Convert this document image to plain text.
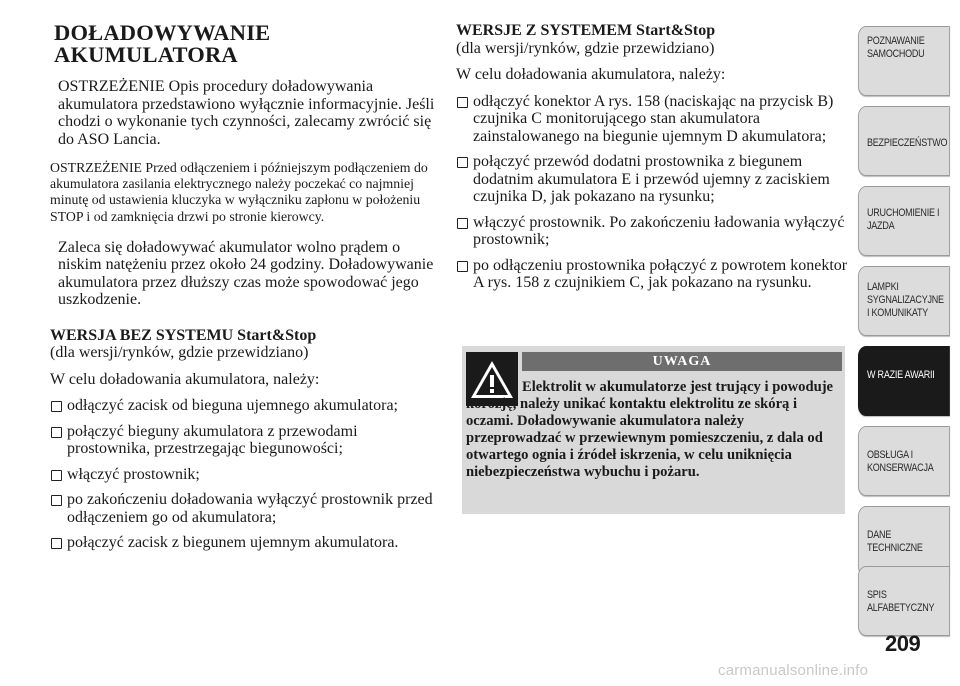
DOŁADOWYWANIE
AKUMULATORA

OSTRZEŻENIE Opis procedury doładowywania akumulatora przedstawiono wyłącznie informacyjnie. Jeśli chodzi o wykonanie tych czynności, zalecamy zwrócić się do ASO Lancia.

OSTRZEŻENIE Przed odłączeniem i późniejszym podłączeniem do akumulatora zasilania elektrycznego należy poczekać co najmniej minutę od ustawienia kluczyka w wyłączniku zapłonu w położeniu STOP i od zamknięcia drzwi po stronie kierowcy.

Zaleca się doładowywać akumulator wolno prądem o niskim natężeniu przez około 24 godziny. Doładowywanie akumulatora przez dłuższy czas może spowodować jego uszkodzenie.

WERSJA BEZ SYSTEMU Start&Stop
(dla wersji/rynków, gdzie przewidziano)
W celu doładowania akumulatora, należy:
odłączyć zacisk od bieguna ujemnego akumulatora;
połączyć bieguny akumulatora z przewodami prostownika, przestrzegając biegunowości;
włączyć prostownik;
po zakończeniu doładowania wyłączyć prostownik przed odłączeniem go od akumulatora;
połączyć zacisk z biegunem ujemnym akumulatora.
WERSJE Z SYSTEMEM Start&Stop
(dla wersji/rynków, gdzie przewidziano)
W celu doładowania akumulatora, należy:
odłączyć konektor A rys. 158 (naciskając na przycisk B) czujnika C monitorującego stan akumulatora zainstalowanego na biegunie ujemnym D akumulatora;
połączyć przewód dodatni prostownika z biegunem dodatnim akumulatora E i przewód ujemny z zaciskiem czujnika D, jak pokazano na rysunku;
włączyć prostownik. Po zakończeniu ładowania wyłączyć prostownik;
po odłączeniu prostownika połączyć z powrotem konektor A rys. 158 z czujnikiem C, jak pokazano na rysunku.
UWAGA
Elektrolit w akumulatorze jest trujący i powoduje korozję, należy unikać kontaktu elektrolitu ze skórą i oczami. Doładowywanie akumulatora należy przeprowadzać w przewiewnym pomieszczeniu, z dala od otwartego ognia i źródeł iskrzenia, w celu uniknięcia niebezpieczeństwa wybuchu i pożaru.
POZNAWANIE
SAMOCHODU
BEZPIECZEŃSTWO
URUCHOMIENIE I
JAZDA
LAMPKI
SYGNALIZACYJNE
I KOMUNIKATY
W RAZIE AWARII
OBSŁUGA I
KONSERWACJA
DANE
TECHNICZNE
SPIS
ALFABETYCZNY
209
carmanualsonline.info
